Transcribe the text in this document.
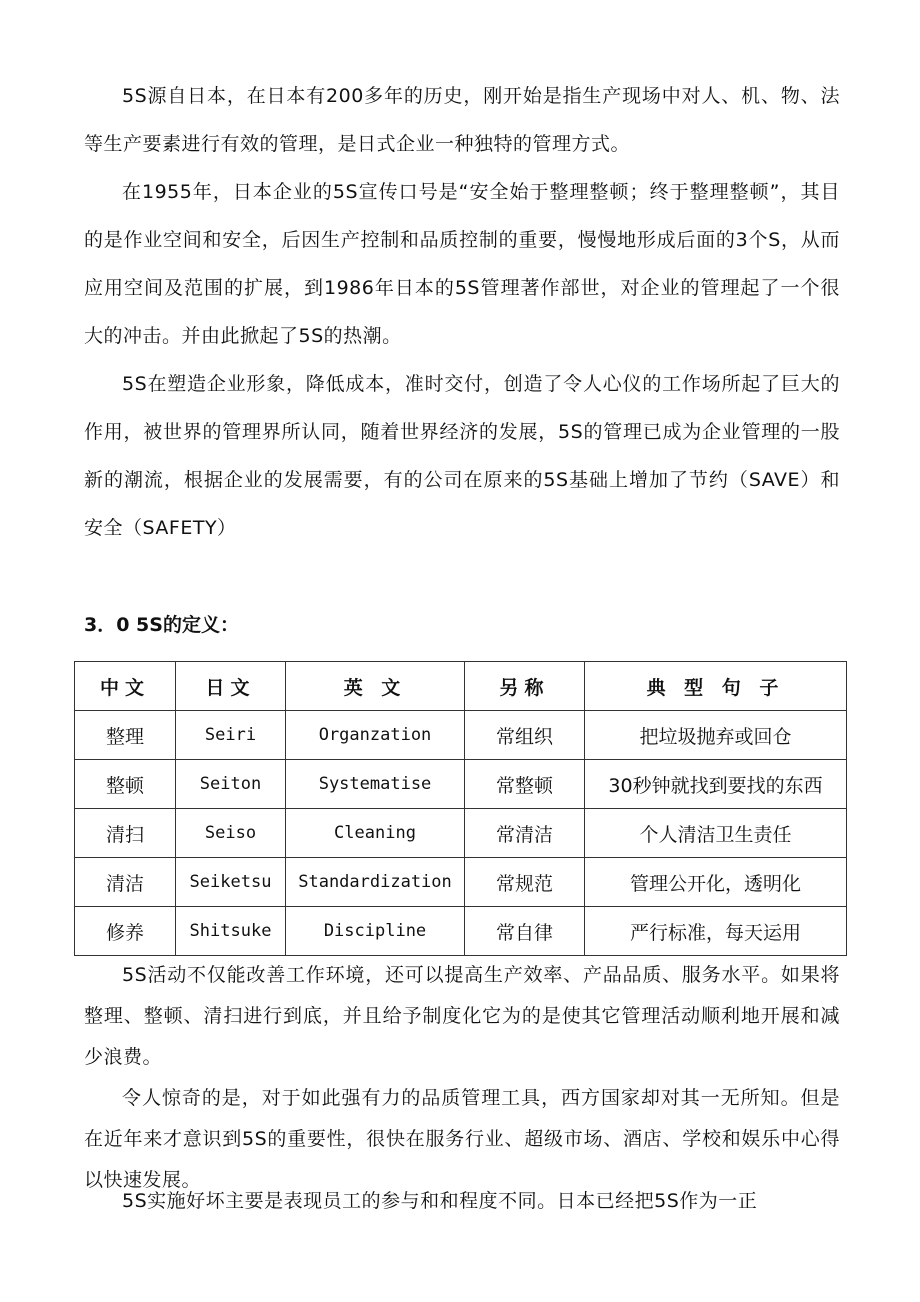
5S源自日本，在日本有200多年的历史，刚开始是指生产现场中对人、机、物、法等生产要素进行有效的管理，是日式企业一种独特的管理方式。

在1955年，日本企业的5S宣传口号是“安全始于整理整顿；终于整理整顿”，其目的是作业空间和安全，后因生产控制和品质控制的重要，慢慢地形成后面的3个S，从而应用空间及范围的扩展，到1986年日本的5S管理著作部世，对企业的管理起了一个很大的冲击。并由此掀起了5S的热潮。

5S在塑造企业形象，降低成本，准时交付，创造了令人心仪的工作场所起了巨大的作用，被世界的管理界所认同，随着世界经济的发展，5S的管理已成为企业管理的一股新的潮流，根据企业的发展需要，有的公司在原来的5S基础上增加了节约（SAVE）和安全（SAFETY）

3．0 5S的定义：

中文	日文	英 文	另称	典 型 句 子
整理	Seiri	Organzation	常组织	把垃圾抛弃或回仓
整顿	Seiton	Systematise	常整顿	30秒钟就找到要找的东西
清扫	Seiso	Cleaning	常清洁	个人清洁卫生责任
清洁	Seiketsu	Standardization	常规范	管理公开化，透明化
修养	Shitsuke	Discipline	常自律	严行标准，每天运用

5S活动不仅能改善工作环境，还可以提高生产效率、产品品质、服务水平。如果将整理、整顿、清扫进行到底，并且给予制度化它为的是使其它管理活动顺利地开展和减少浪费。

令人惊奇的是，对于如此强有力的品质管理工具，西方国家却对其一无所知。但是在近年来才意识到5S的重要性，很快在服务行业、超级市场、酒店、学校和娱乐中心得以快速发展。

5S实施好坏主要是表现员工的参与和和程度不同。日本已经把5S作为一正
